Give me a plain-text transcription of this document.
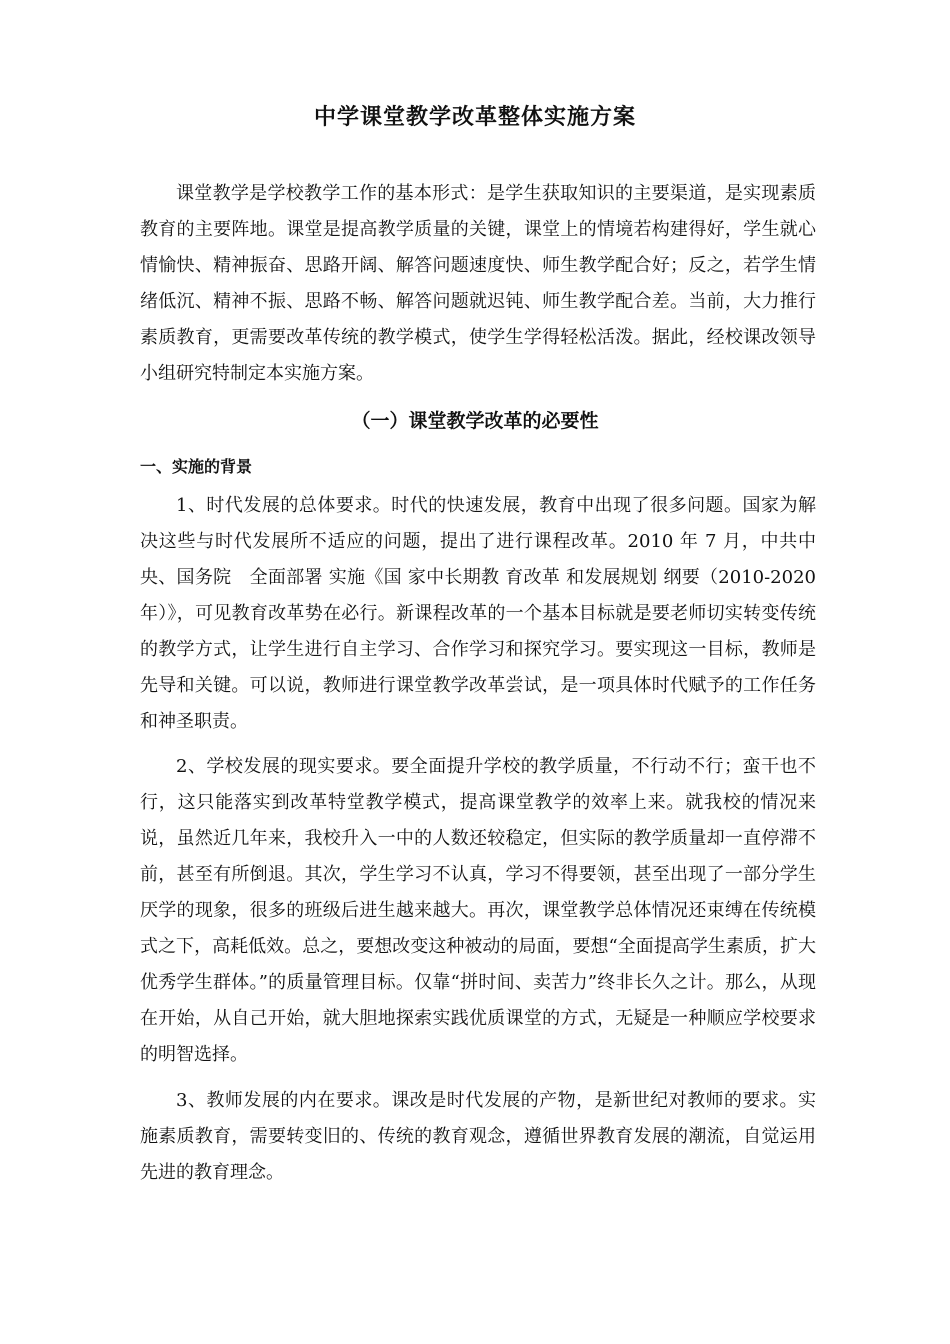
中学课堂教学改革整体实施方案

课堂教学是学校教学工作的基本形式：是学生获取知识的主要渠道，是实现素质教育的主要阵地。课堂是提高教学质量的关键，课堂上的情境若构建得好，学生就心情愉快、精神振奋、思路开阔、解答问题速度快、师生教学配合好；反之，若学生情绪低沉、精神不振、思路不畅、解答问题就迟钝、师生教学配合差。当前，大力推行素质教育，更需要改革传统的教学模式，使学生学得轻松活泼。据此，经校课改领导小组研究特制定本实施方案。

（一）课堂教学改革的必要性
一、实施的背景

1、时代发展的总体要求。时代的快速发展，教育中出现了很多问题。国家为解决这些与时代发展所不适应的问题，提出了进行课程改革。2010 年 7 月，中共中央、国务院　全面部署 实施《国 家中长期教 育改革 和发展规划 纲要（2010-2020 年）》，可见教育改革势在必行。新课程改革的一个基本目标就是要老师切实转变传统的教学方式，让学生进行自主学习、合作学习和探究学习。要实现这一目标，教师是先导和关键。可以说，教师进行课堂教学改革尝试，是一项具体时代赋予的工作任务和神圣职责。

2、学校发展的现实要求。要全面提升学校的教学质量，不行动不行；蛮干也不行，这只能落实到改革特堂教学模式，提高课堂教学的效率上来。就我校的情况来说，虽然近几年来，我校升入一中的人数还较稳定，但实际的教学质量却一直停滞不前，甚至有所倒退。其次，学生学习不认真，学习不得要领，甚至出现了一部分学生厌学的现象，很多的班级后进生越来越大。再次，课堂教学总体情况还束缚在传统模式之下，高耗低效。总之，要想改变这种被动的局面，要想“全面提高学生素质，扩大优秀学生群体。”的质量管理目标。仅靠“拼时间、卖苦力”终非长久之计。那么，从现在开始，从自己开始，就大胆地探索实践优质课堂的方式，无疑是一种顺应学校要求的明智选择。

3、教师发展的内在要求。课改是时代发展的产物，是新世纪对教师的要求。实施素质教育，需要转变旧的、传统的教育观念，遵循世界教育发展的潮流，自觉运用先进的教育理念。
